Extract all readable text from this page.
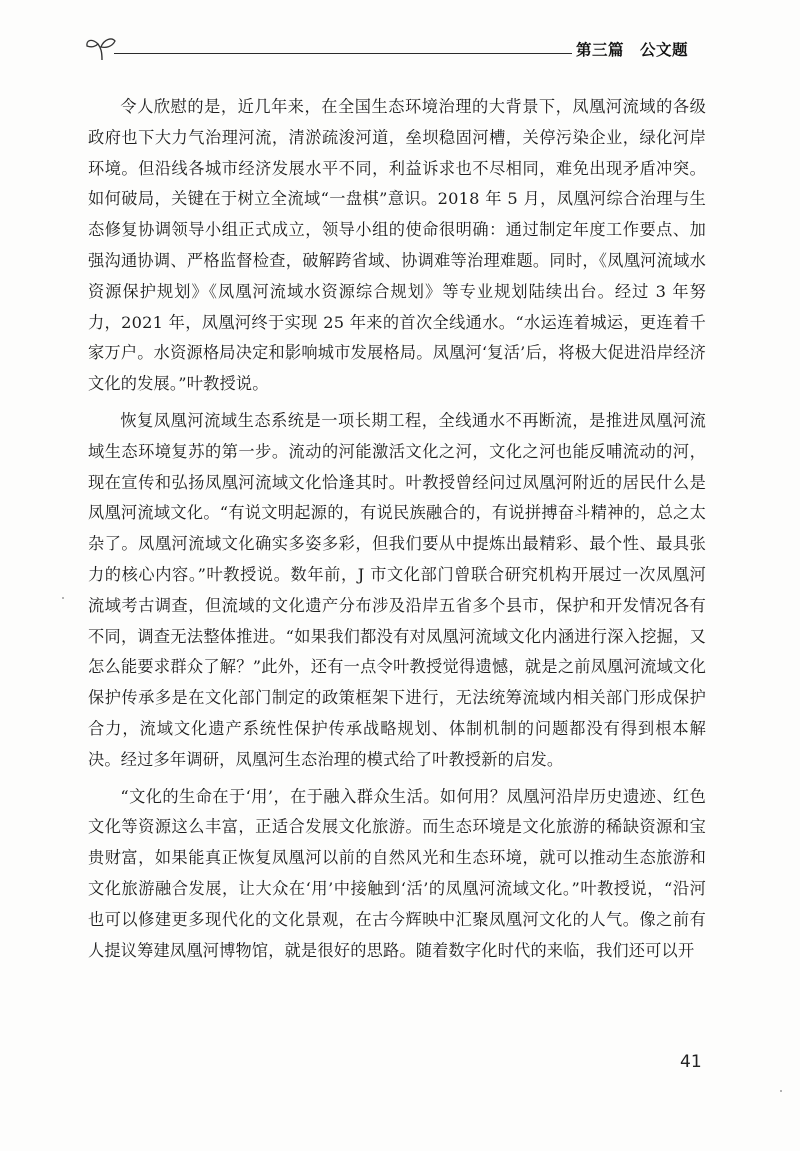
第三篇　公文题

令人欣慰的是，近几年来，在全国生态环境治理的大背景下，凤凰河流域的各级政府也下大力气治理河流，清淤疏浚河道，垒坝稳固河槽，关停污染企业，绿化河岸环境。但沿线各城市经济发展水平不同，利益诉求也不尽相同，难免出现矛盾冲突。如何破局，关键在于树立全流域“一盘棋”意识。2018 年 5 月，凤凰河综合治理与生态修复协调领导小组正式成立，领导小组的使命很明确：通过制定年度工作要点、加强沟通协调、严格监督检查，破解跨省域、协调难等治理难题。同时，《凤凰河流域水资源保护规划》《凤凰河流域水资源综合规划》等专业规划陆续出台。经过 3 年努力，2021 年，凤凰河终于实现 25 年来的首次全线通水。“水运连着城运，更连着千家万户。水资源格局决定和影响城市发展格局。凤凰河‘复活’后，将极大促进沿岸经济文化的发展。”叶教授说。

恢复凤凰河流域生态系统是一项长期工程，全线通水不再断流，是推进凤凰河流域生态环境复苏的第一步。流动的河能激活文化之河，文化之河也能反哺流动的河，现在宣传和弘扬凤凰河流域文化恰逢其时。叶教授曾经问过凤凰河附近的居民什么是凤凰河流域文化。“有说文明起源的，有说民族融合的，有说拼搏奋斗精神的，总之太杂了。凤凰河流域文化确实多姿多彩，但我们要从中提炼出最精彩、最个性、最具张力的核心内容。”叶教授说。数年前，J 市文化部门曾联合研究机构开展过一次凤凰河流域考古调查，但流域的文化遗产分布涉及沿岸五省多个县市，保护和开发情况各有不同，调查无法整体推进。“如果我们都没有对凤凰河流域文化内涵进行深入挖掘，又怎么能要求群众了解？”此外，还有一点令叶教授觉得遗憾，就是之前凤凰河流域文化保护传承多是在文化部门制定的政策框架下进行，无法统筹流域内相关部门形成保护合力，流域文化遗产系统性保护传承战略规划、体制机制的问题都没有得到根本解决。经过多年调研，凤凰河生态治理的模式给了叶教授新的启发。

“文化的生命在于‘用’，在于融入群众生活。如何用？凤凰河沿岸历史遗迹、红色文化等资源这么丰富，正适合发展文化旅游。而生态环境是文化旅游的稀缺资源和宝贵财富，如果能真正恢复凤凰河以前的自然风光和生态环境，就可以推动生态旅游和文化旅游融合发展，让大众在‘用’中接触到‘活’的凤凰河流域文化。”叶教授说，“沿河也可以修建更多现代化的文化景观，在古今辉映中汇聚凤凰河文化的人气。像之前有人提议筹建凤凰河博物馆，就是很好的思路。随着数字化时代的来临，我们还可以开

41
